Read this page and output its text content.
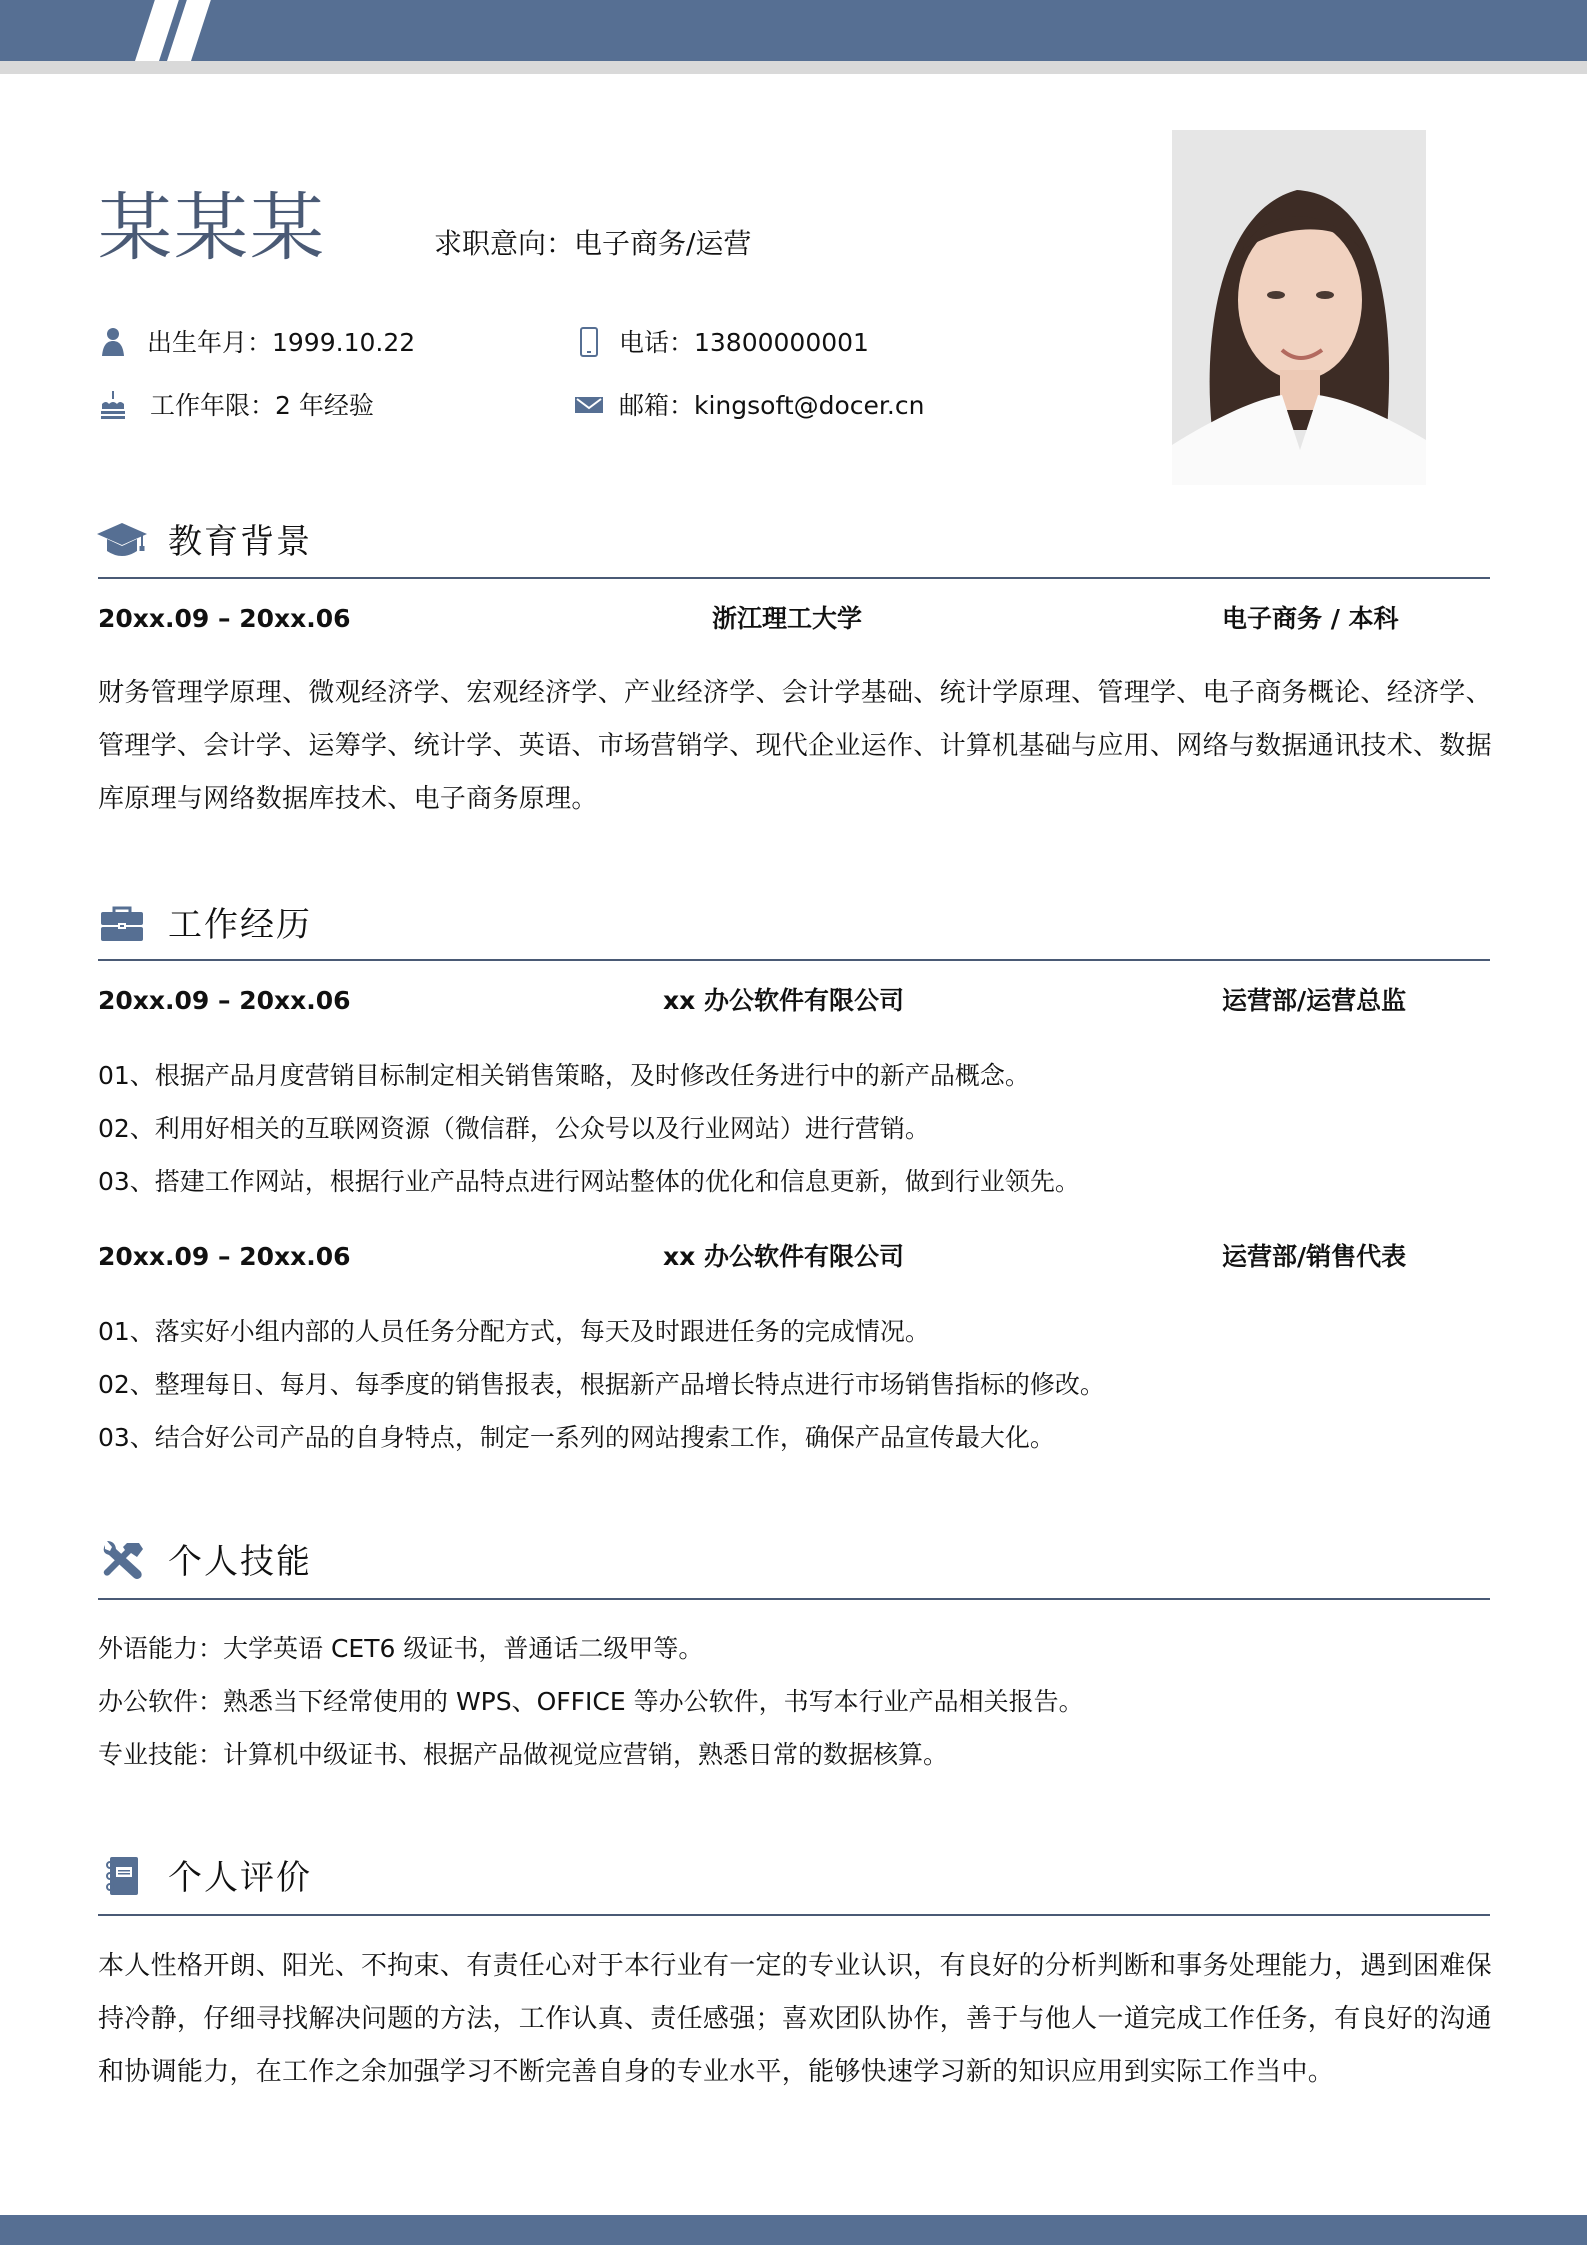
某某某	求职意向：电子商务/运营
出生年月：1999.10.22	电话：13800000001
工作年限：2 年经验	邮箱：kingsoft@docer.cn
教育背景
20xx.09 – 20xx.06	浙江理工大学	电子商务 / 本科
财务管理学原理、微观经济学、宏观经济学、产业经济学、会计学基础、统计学原理、管理学、电子商务概论、经济学、管理学、会计学、运筹学、统计学、英语、市场营销学、现代企业运作、计算机基础与应用、网络与数据通讯技术、数据库原理与网络数据库技术、电子商务原理。
工作经历
20xx.09 – 20xx.06	xx 办公软件有限公司	运营部/运营总监
01、根据产品月度营销目标制定相关销售策略，及时修改任务进行中的新产品概念。
02、利用好相关的互联网资源（微信群，公众号以及行业网站）进行营销。
03、搭建工作网站，根据行业产品特点进行网站整体的优化和信息更新，做到行业领先。
20xx.09 – 20xx.06	xx 办公软件有限公司	运营部/销售代表
01、落实好小组内部的人员任务分配方式，每天及时跟进任务的完成情况。
02、整理每日、每月、每季度的销售报表，根据新产品增长特点进行市场销售指标的修改。
03、结合好公司产品的自身特点，制定一系列的网站搜索工作，确保产品宣传最大化。
个人技能
外语能力：大学英语 CET6 级证书，普通话二级甲等。
办公软件：熟悉当下经常使用的 WPS、OFFICE 等办公软件，书写本行业产品相关报告。
专业技能：计算机中级证书、根据产品做视觉应营销，熟悉日常的数据核算。
个人评价
本人性格开朗、阳光、不拘束、有责任心对于本行业有一定的专业认识，有良好的分析判断和事务处理能力，遇到困难保持冷静，仔细寻找解决问题的方法，工作认真、责任感强；喜欢团队协作，善于与他人一道完成工作任务，有良好的沟通和协调能力，在工作之余加强学习不断完善自身的专业水平，能够快速学习新的知识应用到实际工作当中。
